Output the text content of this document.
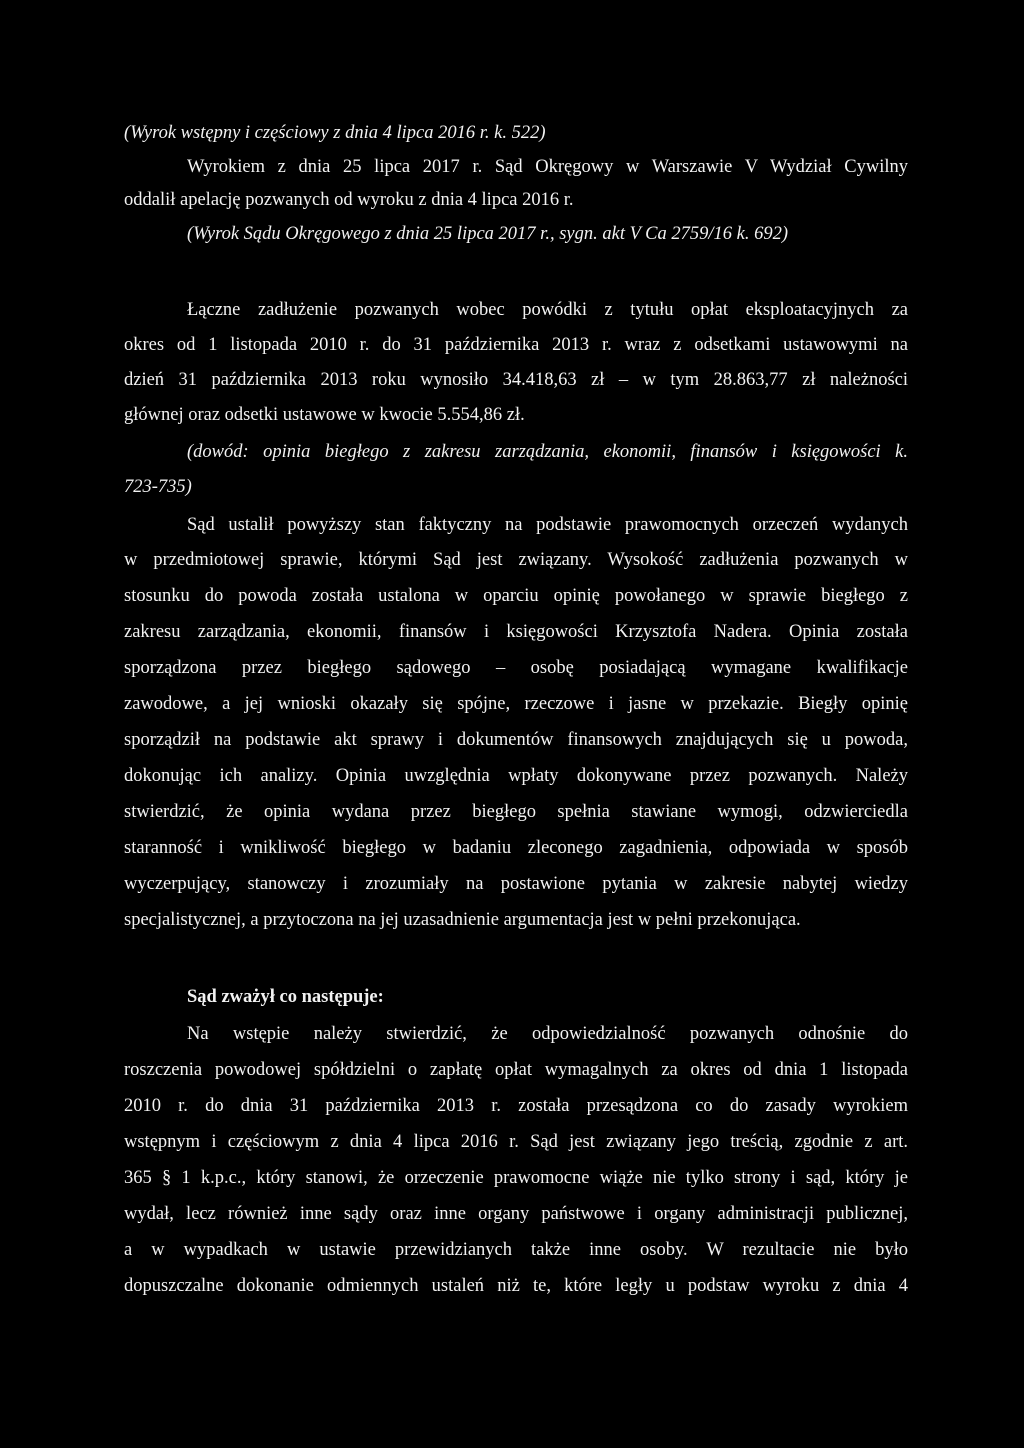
(Wyrok wstępny i częściowy z dnia 4 lipca 2016 r. k. 522)
Wyrokiem z dnia 25 lipca 2017 r. Sąd Okręgowy w Warszawie V Wydział Cywilny
oddalił apelację pozwanych od wyroku z dnia 4 lipca 2016 r.
(Wyrok Sądu Okręgowego z dnia 25 lipca 2017 r., sygn. akt V Ca 2759/16 k. 692)
Łączne zadłużenie pozwanych wobec powódki z tytułu opłat eksploatacyjnych za
okres od 1 listopada 2010 r. do 31 października 2013 r. wraz z odsetkami ustawowymi na
dzień 31 października 2013 roku wynosiło 34.418,63 zł – w tym 28.863,77 zł należności
głównej oraz odsetki ustawowe w kwocie 5.554,86 zł.
(dowód: opinia biegłego z zakresu zarządzania, ekonomii, finansów i księgowości k.
723-735)
Sąd ustalił powyższy stan faktyczny na podstawie prawomocnych orzeczeń wydanych
w przedmiotowej sprawie, którymi Sąd jest związany. Wysokość zadłużenia pozwanych w
stosunku do powoda została ustalona w oparciu opinię powołanego w sprawie biegłego z
zakresu zarządzania, ekonomii, finansów i księgowości Krzysztofa Nadera. Opinia została
sporządzona przez biegłego sądowego – osobę posiadającą wymagane kwalifikacje
zawodowe, a jej wnioski okazały się spójne, rzeczowe i jasne w przekazie. Biegły opinię
sporządził na podstawie akt sprawy i dokumentów finansowych znajdujących się u powoda,
dokonując ich analizy. Opinia uwzględnia wpłaty dokonywane przez pozwanych. Należy
stwierdzić, że opinia wydana przez biegłego spełnia stawiane wymogi, odzwierciedla
staranność i wnikliwość biegłego w badaniu zleconego zagadnienia, odpowiada w sposób
wyczerpujący, stanowczy i zrozumiały na postawione pytania w zakresie nabytej wiedzy
specjalistycznej, a przytoczona na jej uzasadnienie argumentacja jest w pełni przekonująca.
Sąd zważył co następuje:
Na wstępie należy stwierdzić, że odpowiedzialność pozwanych odnośnie do
roszczenia powodowej spółdzielni o zapłatę opłat wymagalnych za okres od dnia 1 listopada
2010 r. do dnia 31 października 2013 r. została przesądzona co do zasady wyrokiem
wstępnym i częściowym z dnia 4 lipca 2016 r. Sąd jest związany jego treścią, zgodnie z art.
365 § 1 k.p.c., który stanowi, że orzeczenie prawomocne wiąże nie tylko strony i sąd, który je
wydał, lecz również inne sądy oraz inne organy państwowe i organy administracji publicznej,
a w wypadkach w ustawie przewidzianych także inne osoby. W rezultacie nie było
dopuszczalne dokonanie odmiennych ustaleń niż te, które legły u podstaw wyroku z dnia 4
